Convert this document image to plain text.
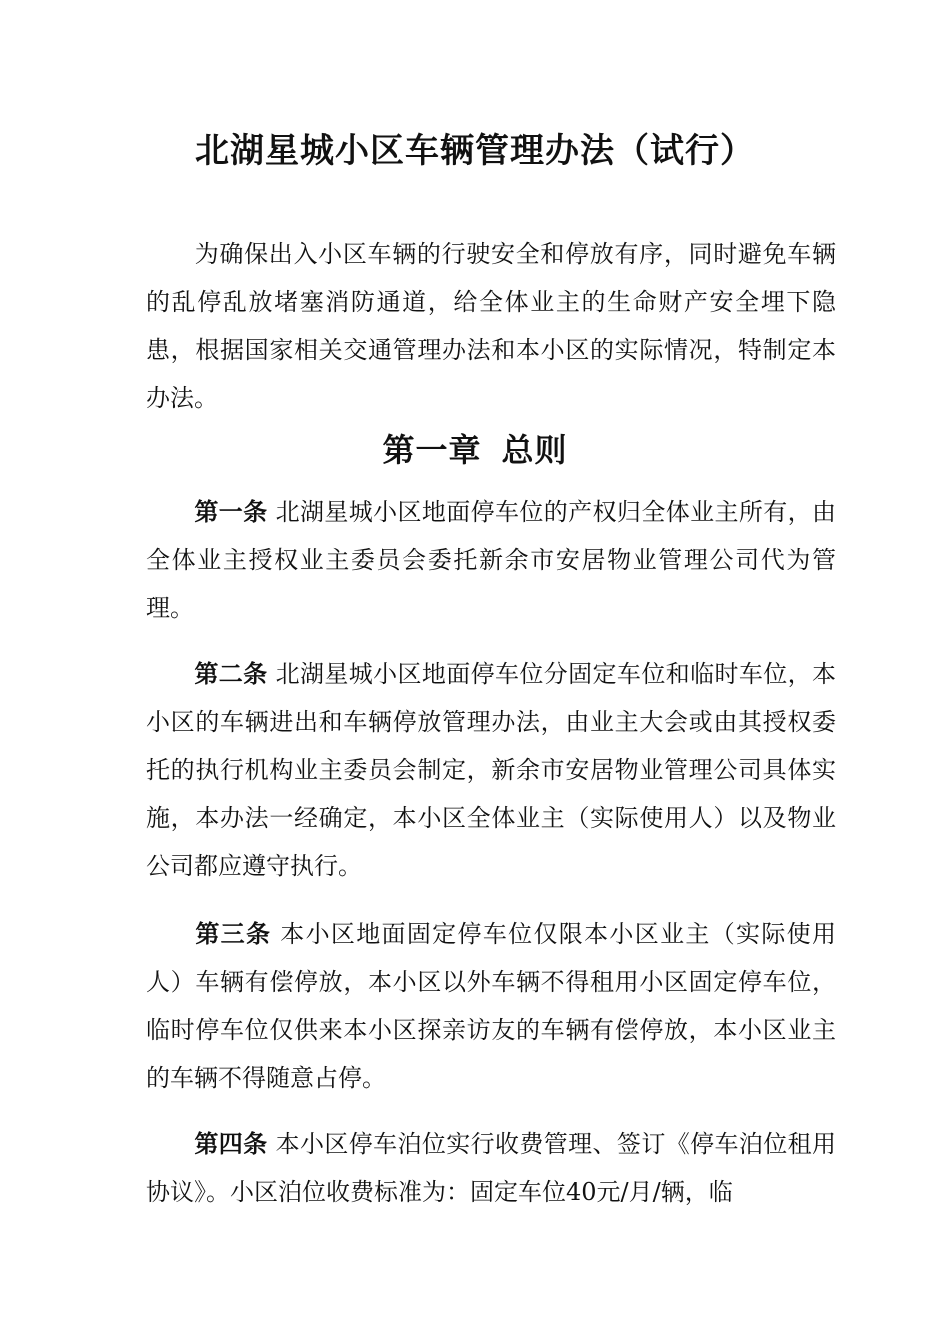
北湖星城小区车辆管理办法（试行）

为确保出入小区车辆的行驶安全和停放有序，同时避免车辆的乱停乱放堵塞消防通道，给全体业主的生命财产安全埋下隐患，根据国家相关交通管理办法和本小区的实际情况，特制定本办法。

第一章 总则

第一条 北湖星城小区地面停车位的产权归全体业主所有，由全体业主授权业主委员会委托新余市安居物业管理公司代为管理。

第二条 北湖星城小区地面停车位分固定车位和临时车位，本小区的车辆进出和车辆停放管理办法，由业主大会或由其授权委托的执行机构业主委员会制定，新余市安居物业管理公司具体实施，本办法一经确定，本小区全体业主（实际使用人）以及物业公司都应遵守执行。

第三条 本小区地面固定停车位仅限本小区业主（实际使用人）车辆有偿停放，本小区以外车辆不得租用小区固定停车位，临时停车位仅供来本小区探亲访友的车辆有偿停放，本小区业主的车辆不得随意占停。

第四条 本小区停车泊位实行收费管理、签订《停车泊位租用协议》。小区泊位收费标准为：固定车位40元/月/辆，临
